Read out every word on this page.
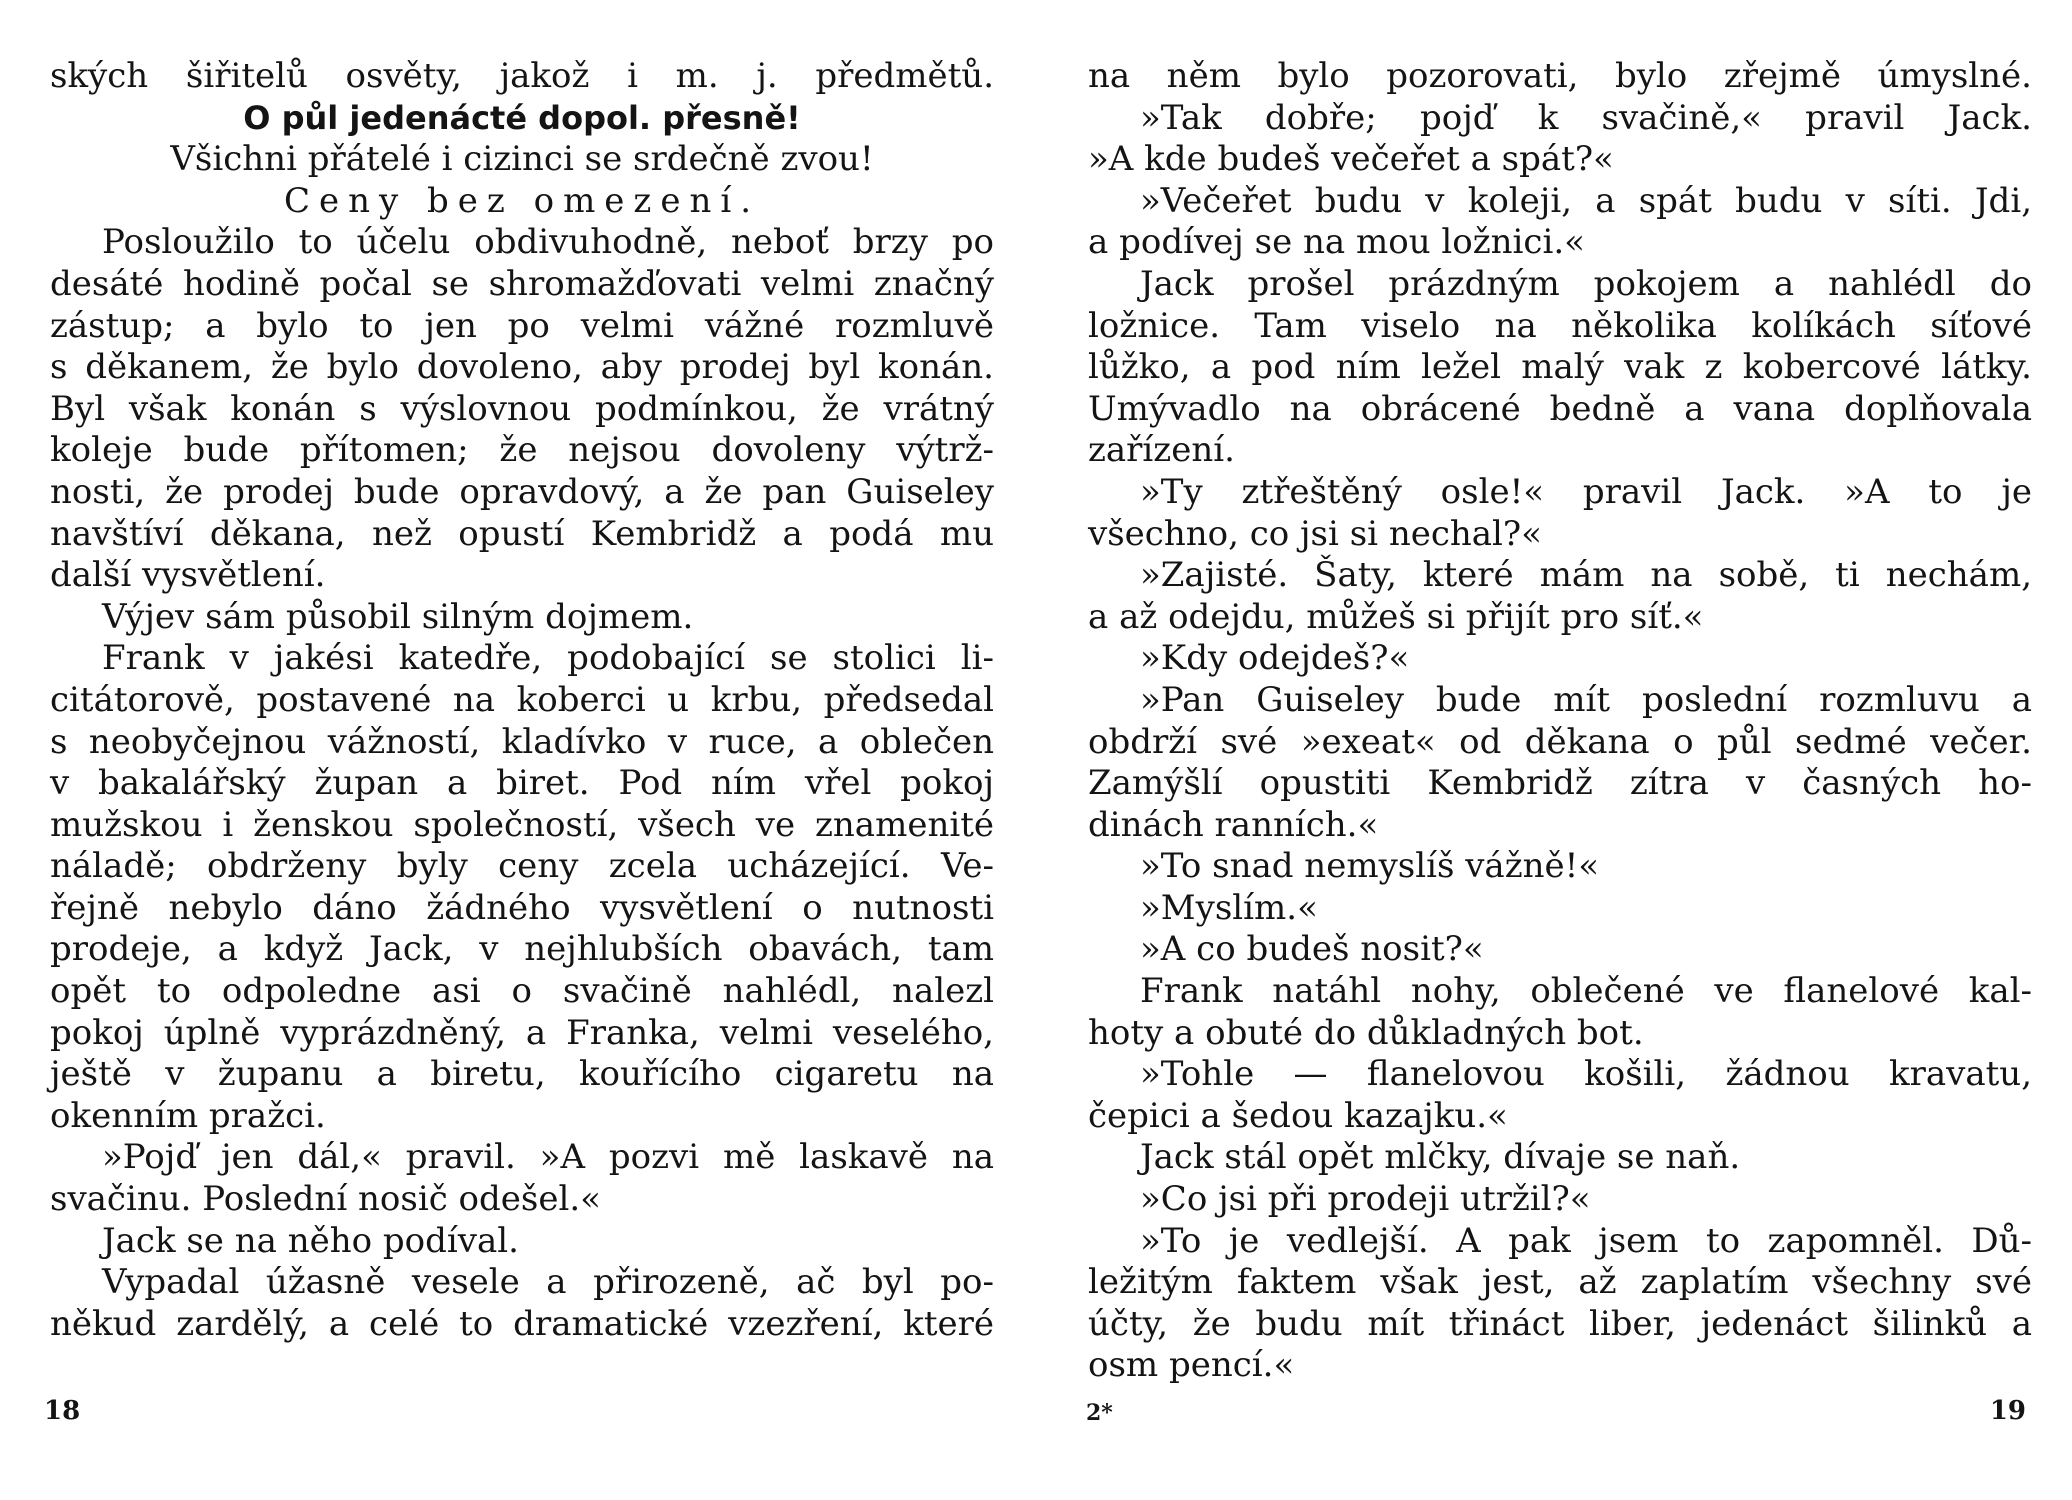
ských šiřitelů osvěty, jakož i m. j. předmětů.
O půl jedenácté dopol. přesně!
Všichni přátelé i cizinci se srdečně zvou!
Ceny bez omezení.
Posloužilo to účelu obdivuhodně, neboť brzy po
desáté hodině počal se shromažďovati velmi značný
zástup; a bylo to jen po velmi vážné rozmluvě
s děkanem, že bylo dovoleno, aby prodej byl konán.
Byl však konán s výslovnou podmínkou, že vrátný
koleje bude přítomen; že nejsou dovoleny výtrž-
nosti, že prodej bude opravdový, a že pan Guiseley
navštíví děkana, než opustí Kembridž a podá mu
další vysvětlení.
Výjev sám působil silným dojmem.
Frank v jakési katedře, podobající se stolici li-
citátorově, postavené na koberci u krbu, předsedal
s neobyčejnou vážností, kladívko v ruce, a oblečen
v bakalářský župan a biret. Pod ním vřel pokoj
mužskou i ženskou společností, všech ve znamenité
náladě; obdrženy byly ceny zcela ucházející. Ve-
řejně nebylo dáno žádného vysvětlení o nutnosti
prodeje, a když Jack, v nejhlubších obavách, tam
opět to odpoledne asi o svačině nahlédl, nalezl
pokoj úplně vyprázdněný, a Franka, velmi veselého,
ještě v županu a biretu, kouřícího cigaretu na
okenním pražci.
»Pojď jen dál,« pravil. »A pozvi mě laskavě na
svačinu. Poslední nosič odešel.«
Jack se na něho podíval.
Vypadal úžasně vesele a přirozeně, ač byl po-
někud zardělý, a celé to dramatické vzezření, které
18
na něm bylo pozorovati, bylo zřejmě úmyslné.
»Tak dobře; pojď k svačině,« pravil Jack.
»A kde budeš večeřet a spát?«
»Večeřet budu v koleji, a spát budu v síti. Jdi,
a podívej se na mou ložnici.«
Jack prošel prázdným pokojem a nahlédl do
ložnice. Tam viselo na několika kolíkách síťové
lůžko, a pod ním ležel malý vak z kobercové látky.
Umývadlo na obrácené bedně a vana doplňovala
zařízení.
»Ty ztřeštěný osle!« pravil Jack. »A to je
všechno, co jsi si nechal?«
»Zajisté. Šaty, které mám na sobě, ti nechám,
a až odejdu, můžeš si přijít pro síť.«
»Kdy odejdeš?«
»Pan Guiseley bude mít poslední rozmluvu a
obdrží své »exeat« od děkana o půl sedmé večer.
Zamýšlí opustiti Kembridž zítra v časných ho-
dinách ranních.«
»To snad nemyslíš vážně!«
»Myslím.«
»A co budeš nosit?«
Frank natáhl nohy, oblečené ve flanelové kal-
hoty a obuté do důkladných bot.
»Tohle — flanelovou košili, žádnou kravatu,
čepici a šedou kazajku.«
Jack stál opět mlčky, dívaje se naň.
»Co jsi při prodeji utržil?«
»To je vedlejší. A pak jsem to zapomněl. Dů-
ležitým faktem však jest, až zaplatím všechny své
účty, že budu mít třináct liber, jedenáct šilinků a
osm pencí.«
2*	19
